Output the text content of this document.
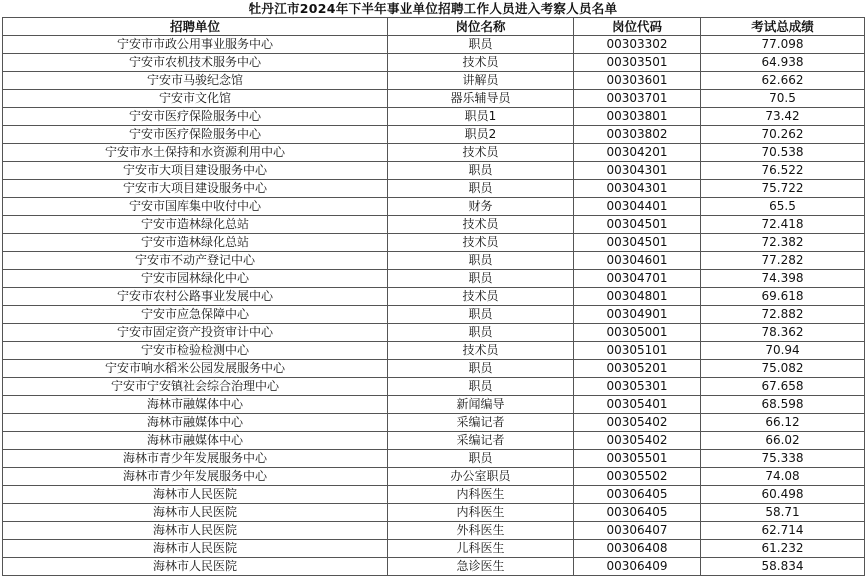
牡丹江市2024年下半年事业单位招聘工作人员进入考察人员名单
招聘单位	岗位名称	岗位代码	考试总成绩
宁安市市政公用事业服务中心	职员	00303302	77.098
宁安市农机技术服务中心	技术员	00303501	64.938
宁安市马骏纪念馆	讲解员	00303601	62.662
宁安市文化馆	器乐辅导员	00303701	70.5
宁安市医疗保险服务中心	职员1	00303801	73.42
宁安市医疗保险服务中心	职员2	00303802	70.262
宁安市水土保持和水资源利用中心	技术员	00304201	70.538
宁安市大项目建设服务中心	职员	00304301	76.522
宁安市大项目建设服务中心	职员	00304301	75.722
宁安市国库集中收付中心	财务	00304401	65.5
宁安市造林绿化总站	技术员	00304501	72.418
宁安市造林绿化总站	技术员	00304501	72.382
宁安市不动产登记中心	职员	00304601	77.282
宁安市园林绿化中心	职员	00304701	74.398
宁安市农村公路事业发展中心	技术员	00304801	69.618
宁安市应急保障中心	职员	00304901	72.882
宁安市固定资产投资审计中心	职员	00305001	78.362
宁安市检验检测中心	技术员	00305101	70.94
宁安市响水稻米公园发展服务中心	职员	00305201	75.082
宁安市宁安镇社会综合治理中心	职员	00305301	67.658
海林市融媒体中心	新闻编导	00305401	68.598
海林市融媒体中心	采编记者	00305402	66.12
海林市融媒体中心	采编记者	00305402	66.02
海林市青少年发展服务中心	职员	00305501	75.338
海林市青少年发展服务中心	办公室职员	00305502	74.08
海林市人民医院	内科医生	00306405	60.498
海林市人民医院	内科医生	00306405	58.71
海林市人民医院	外科医生	00306407	62.714
海林市人民医院	儿科医生	00306408	61.232
海林市人民医院	急诊医生	00306409	58.834
